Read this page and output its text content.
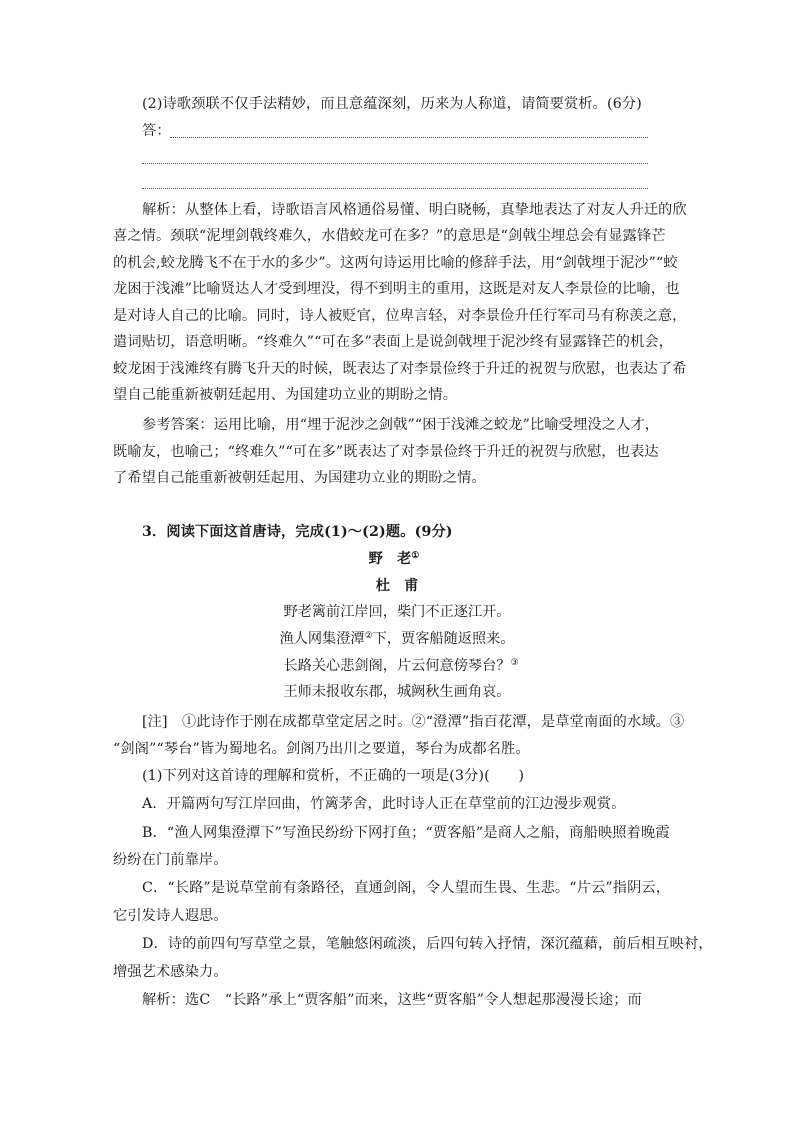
(2)诗歌颈联不仅手法精妙，而且意蕴深刻，历来为人称道，请简要赏析。(6分)
答：
解析：从整体上看，诗歌语言风格通俗易懂、明白晓畅，真挚地表达了对友人升迁的欣
喜之情。颈联“泥埋剑戟终难久，水借蛟龙可在多？”的意思是“剑戟尘埋总会有显露锋芒
的机会,蛟龙腾飞不在于水的多少”。这两句诗运用比喻的修辞手法，用“剑戟埋于泥沙”“蛟
龙困于浅滩”比喻贤达人才受到埋没，得不到明主的重用，这既是对友人李景俭的比喻，也
是对诗人自己的比喻。同时，诗人被贬官，位卑言轻，对李景俭升任行军司马有称羡之意，
遣词贴切，语意明晰。“终难久”“可在多”表面上是说剑戟埋于泥沙终有显露锋芒的机会，
蛟龙困于浅滩终有腾飞升天的时候，既表达了对李景俭终于升迁的祝贺与欣慰，也表达了希
望自己能重新被朝廷起用、为国建功立业的期盼之情。
参考答案：运用比喻，用“埋于泥沙之剑戟”“困于浅滩之蛟龙”比喻受埋没之人才，
既喻友，也喻己；“终难久”“可在多”既表达了对李景俭终于升迁的祝贺与欣慰，也表达
了希望自己能重新被朝廷起用、为国建功立业的期盼之情。
3．阅读下面这首唐诗，完成(1)～(2)题。(9分)
野　老①
杜　甫
野老篱前江岸回，柴门不正逐江开。
渔人网集澄潭②下，贾客船随返照来。
长路关心悲剑阁，片云何意傍琴台？③
王师未报收东郡，城阙秋生画角哀。
[注]　①此诗作于刚在成都草堂定居之时。②“澄潭”指百花潭，是草堂南面的水域。③
“剑阁”“琴台”皆为蜀地名。剑阁乃出川之要道，琴台为成都名胜。
(1)下列对这首诗的理解和赏析，不正确的一项是(3分)(　　)
A．开篇两句写江岸回曲，竹篱茅舍，此时诗人正在草堂前的江边漫步观赏。
B．“渔人网集澄潭下”写渔民纷纷下网打鱼；“贾客船”是商人之船，商船映照着晚霞
纷纷在门前靠岸。
C．“长路”是说草堂前有条路径，直通剑阁，令人望而生畏、生悲。“片云”指阴云，
它引发诗人遐思。
D．诗的前四句写草堂之景，笔触悠闲疏淡，后四句转入抒情，深沉蕴藉，前后相互映衬，
增强艺术感染力。
解析：选C　“长路”承上“贾客船”而来，这些“贾客船”令人想起那漫漫长途；而
